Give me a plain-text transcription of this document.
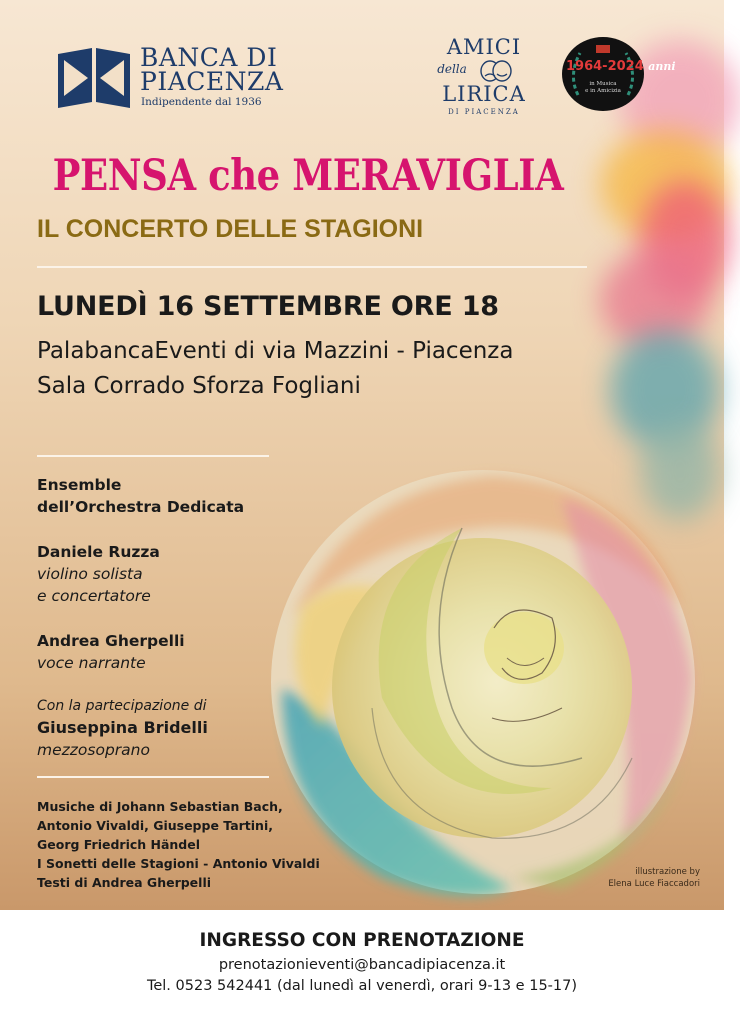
BANCA DI
PIACENZA
Indipendente dal 1936
AMICI
della
LIRICA
DI PIACENZA
1964-2024 anni
in Musica
e in Amicizia
PENSA che MERAVIGLIA
IL CONCERTO DELLE STAGIONI
LUNEDÌ 16 SETTEMBRE ORE 18
PalabancaEventi di via Mazzini - Piacenza
Sala Corrado Sforza Fogliani
Ensemble
dell’Orchestra Dedicata
Daniele Ruzza
violino solista
e concertatore
Andrea Gherpelli
voce narrante
Con la partecipazione di
Giuseppina Bridelli
mezzosoprano
Musiche di Johann Sebastian Bach,
Antonio Vivaldi, Giuseppe Tartini,
Georg Friedrich Händel
I Sonetti delle Stagioni - Antonio Vivaldi
Testi di Andrea Gherpelli
illustrazione by
Elena Luce Fiaccadori
INGRESSO CON PRENOTAZIONE
prenotazionieventi@bancadipiacenza.it
Tel. 0523 542441 (dal lunedì al venerdì, orari 9-13 e 15-17)
